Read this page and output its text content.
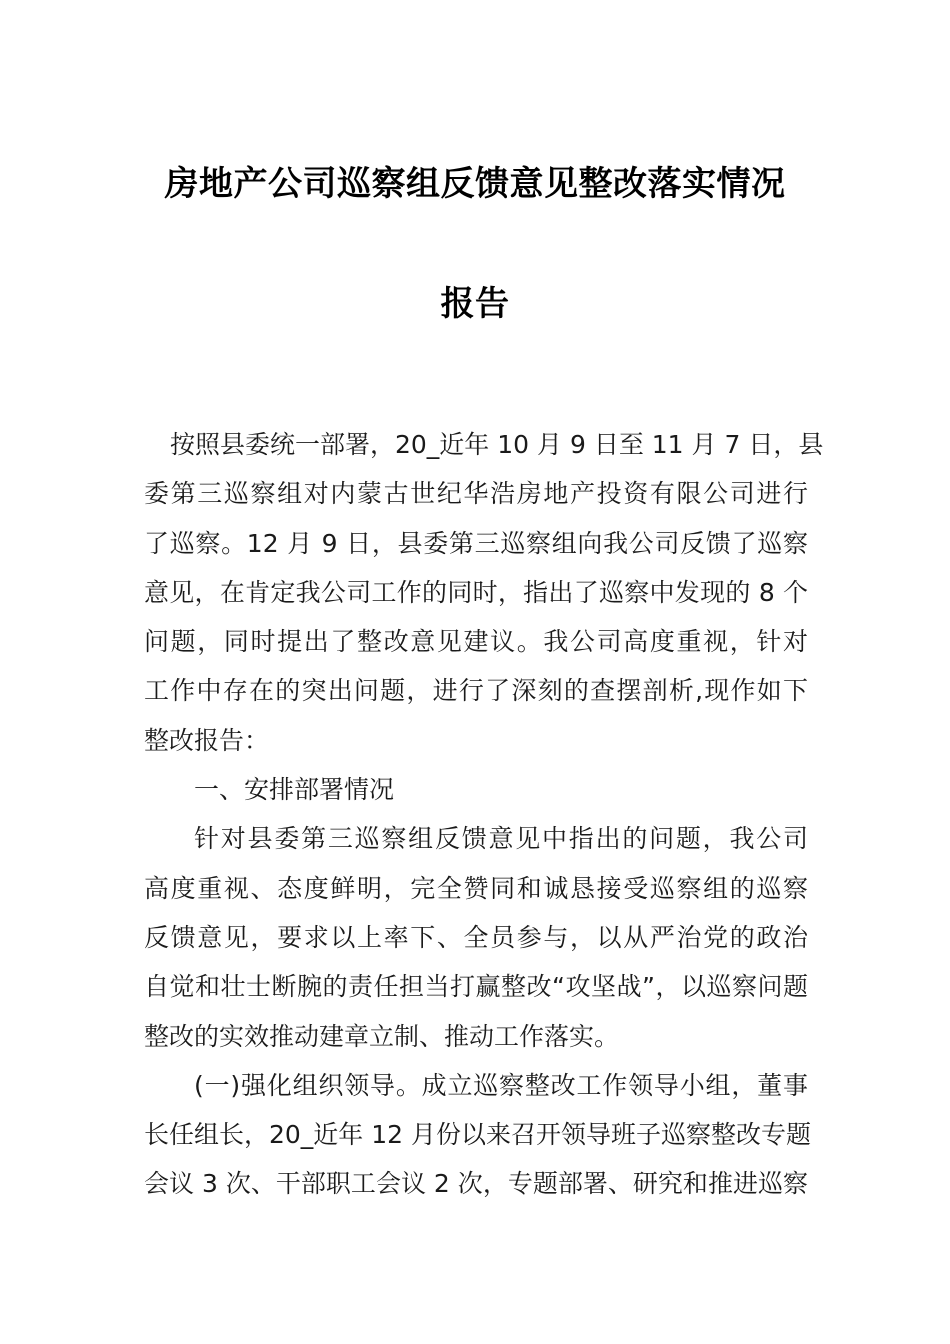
房地产公司巡察组反馈意见整改落实情况
报告
按照县委统一部署，20_近年 10 月 9 日至 11 月 7 日，县
委第三巡察组对内蒙古世纪华浩房地产投资有限公司进行
了巡察。12 月 9 日，县委第三巡察组向我公司反馈了巡察
意见，在肯定我公司工作的同时，指出了巡察中发现的 8 个
问题，同时提出了整改意见建议。我公司高度重视，针对
工作中存在的突出问题，进行了深刻的查摆剖析,现作如下
整改报告：
一、安排部署情况
针对县委第三巡察组反馈意见中指出的问题，我公司
高度重视、态度鲜明，完全赞同和诚恳接受巡察组的巡察
反馈意见，要求以上率下、全员参与，以从严治党的政治
自觉和壮士断腕的责任担当打赢整改“攻坚战”，以巡察问题
整改的实效推动建章立制、推动工作落实。
(一)强化组织领导。成立巡察整改工作领导小组，董事
长任组长，20_近年 12 月份以来召开领导班子巡察整改专题
会议 3 次、干部职工会议 2 次，专题部署、研究和推进巡察
